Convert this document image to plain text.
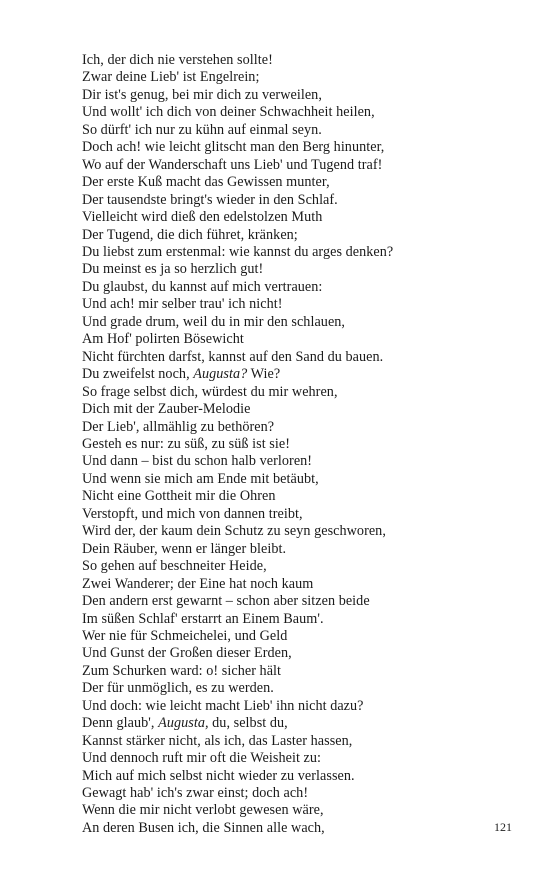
Ich, der dich nie verstehen sollte!
Zwar deine Lieb' ist Engelrein;
Dir ist's genug, bei mir dich zu verweilen,
Und wollt' ich dich von deiner Schwachheit heilen,
So dürft' ich nur zu kühn auf einmal seyn.
Doch ach! wie leicht glitscht man den Berg hinunter,
Wo auf der Wanderschaft uns Lieb' und Tugend traf!
Der erste Kuß macht das Gewissen munter,
Der tausendste bringt's wieder in den Schlaf.
Vielleicht wird dieß den edelstolzen Muth
Der Tugend, die dich führet, kränken;
Du liebst zum erstenmal: wie kannst du arges denken?
Du meinst es ja so herzlich gut!
Du glaubst, du kannst auf mich vertrauen:
Und ach! mir selber trau' ich nicht!
Und grade drum, weil du in mir den schlauen,
Am Hof' polirten Bösewicht
Nicht fürchten darfst, kannst auf den Sand du bauen.
Du zweifelst noch, Augusta? Wie?
So frage selbst dich, würdest du mir wehren,
Dich mit der Zauber-Melodie
Der Lieb', allmählig zu bethören?
Gesteh es nur: zu süß, zu süß ist sie!
Und dann – bist du schon halb verloren!
Und wenn sie mich am Ende mit betäubt,
Nicht eine Gottheit mir die Ohren
Verstopft, und mich von dannen treibt,
Wird der, der kaum dein Schutz zu seyn geschworen,
Dein Räuber, wenn er länger bleibt.
So gehen auf beschneiter Heide,
Zwei Wanderer; der Eine hat noch kaum
Den andern erst gewarnt – schon aber sitzen beide
Im süßen Schlaf' erstarrt an Einem Baum'.
Wer nie für Schmeichelei, und Geld
Und Gunst der Großen dieser Erden,
Zum Schurken ward: o! sicher hält
Der für unmöglich, es zu werden.
Und doch: wie leicht macht Lieb' ihn nicht dazu?
Denn glaub', Augusta, du, selbst du,
Kannst stärker nicht, als ich, das Laster hassen,
Und dennoch ruft mir oft die Weisheit zu:
Mich auf mich selbst nicht wieder zu verlassen.
Gewagt hab' ich's zwar einst; doch ach!
Wenn die mir nicht verlobt gewesen wäre,
An deren Busen ich, die Sinnen alle wach,	121
